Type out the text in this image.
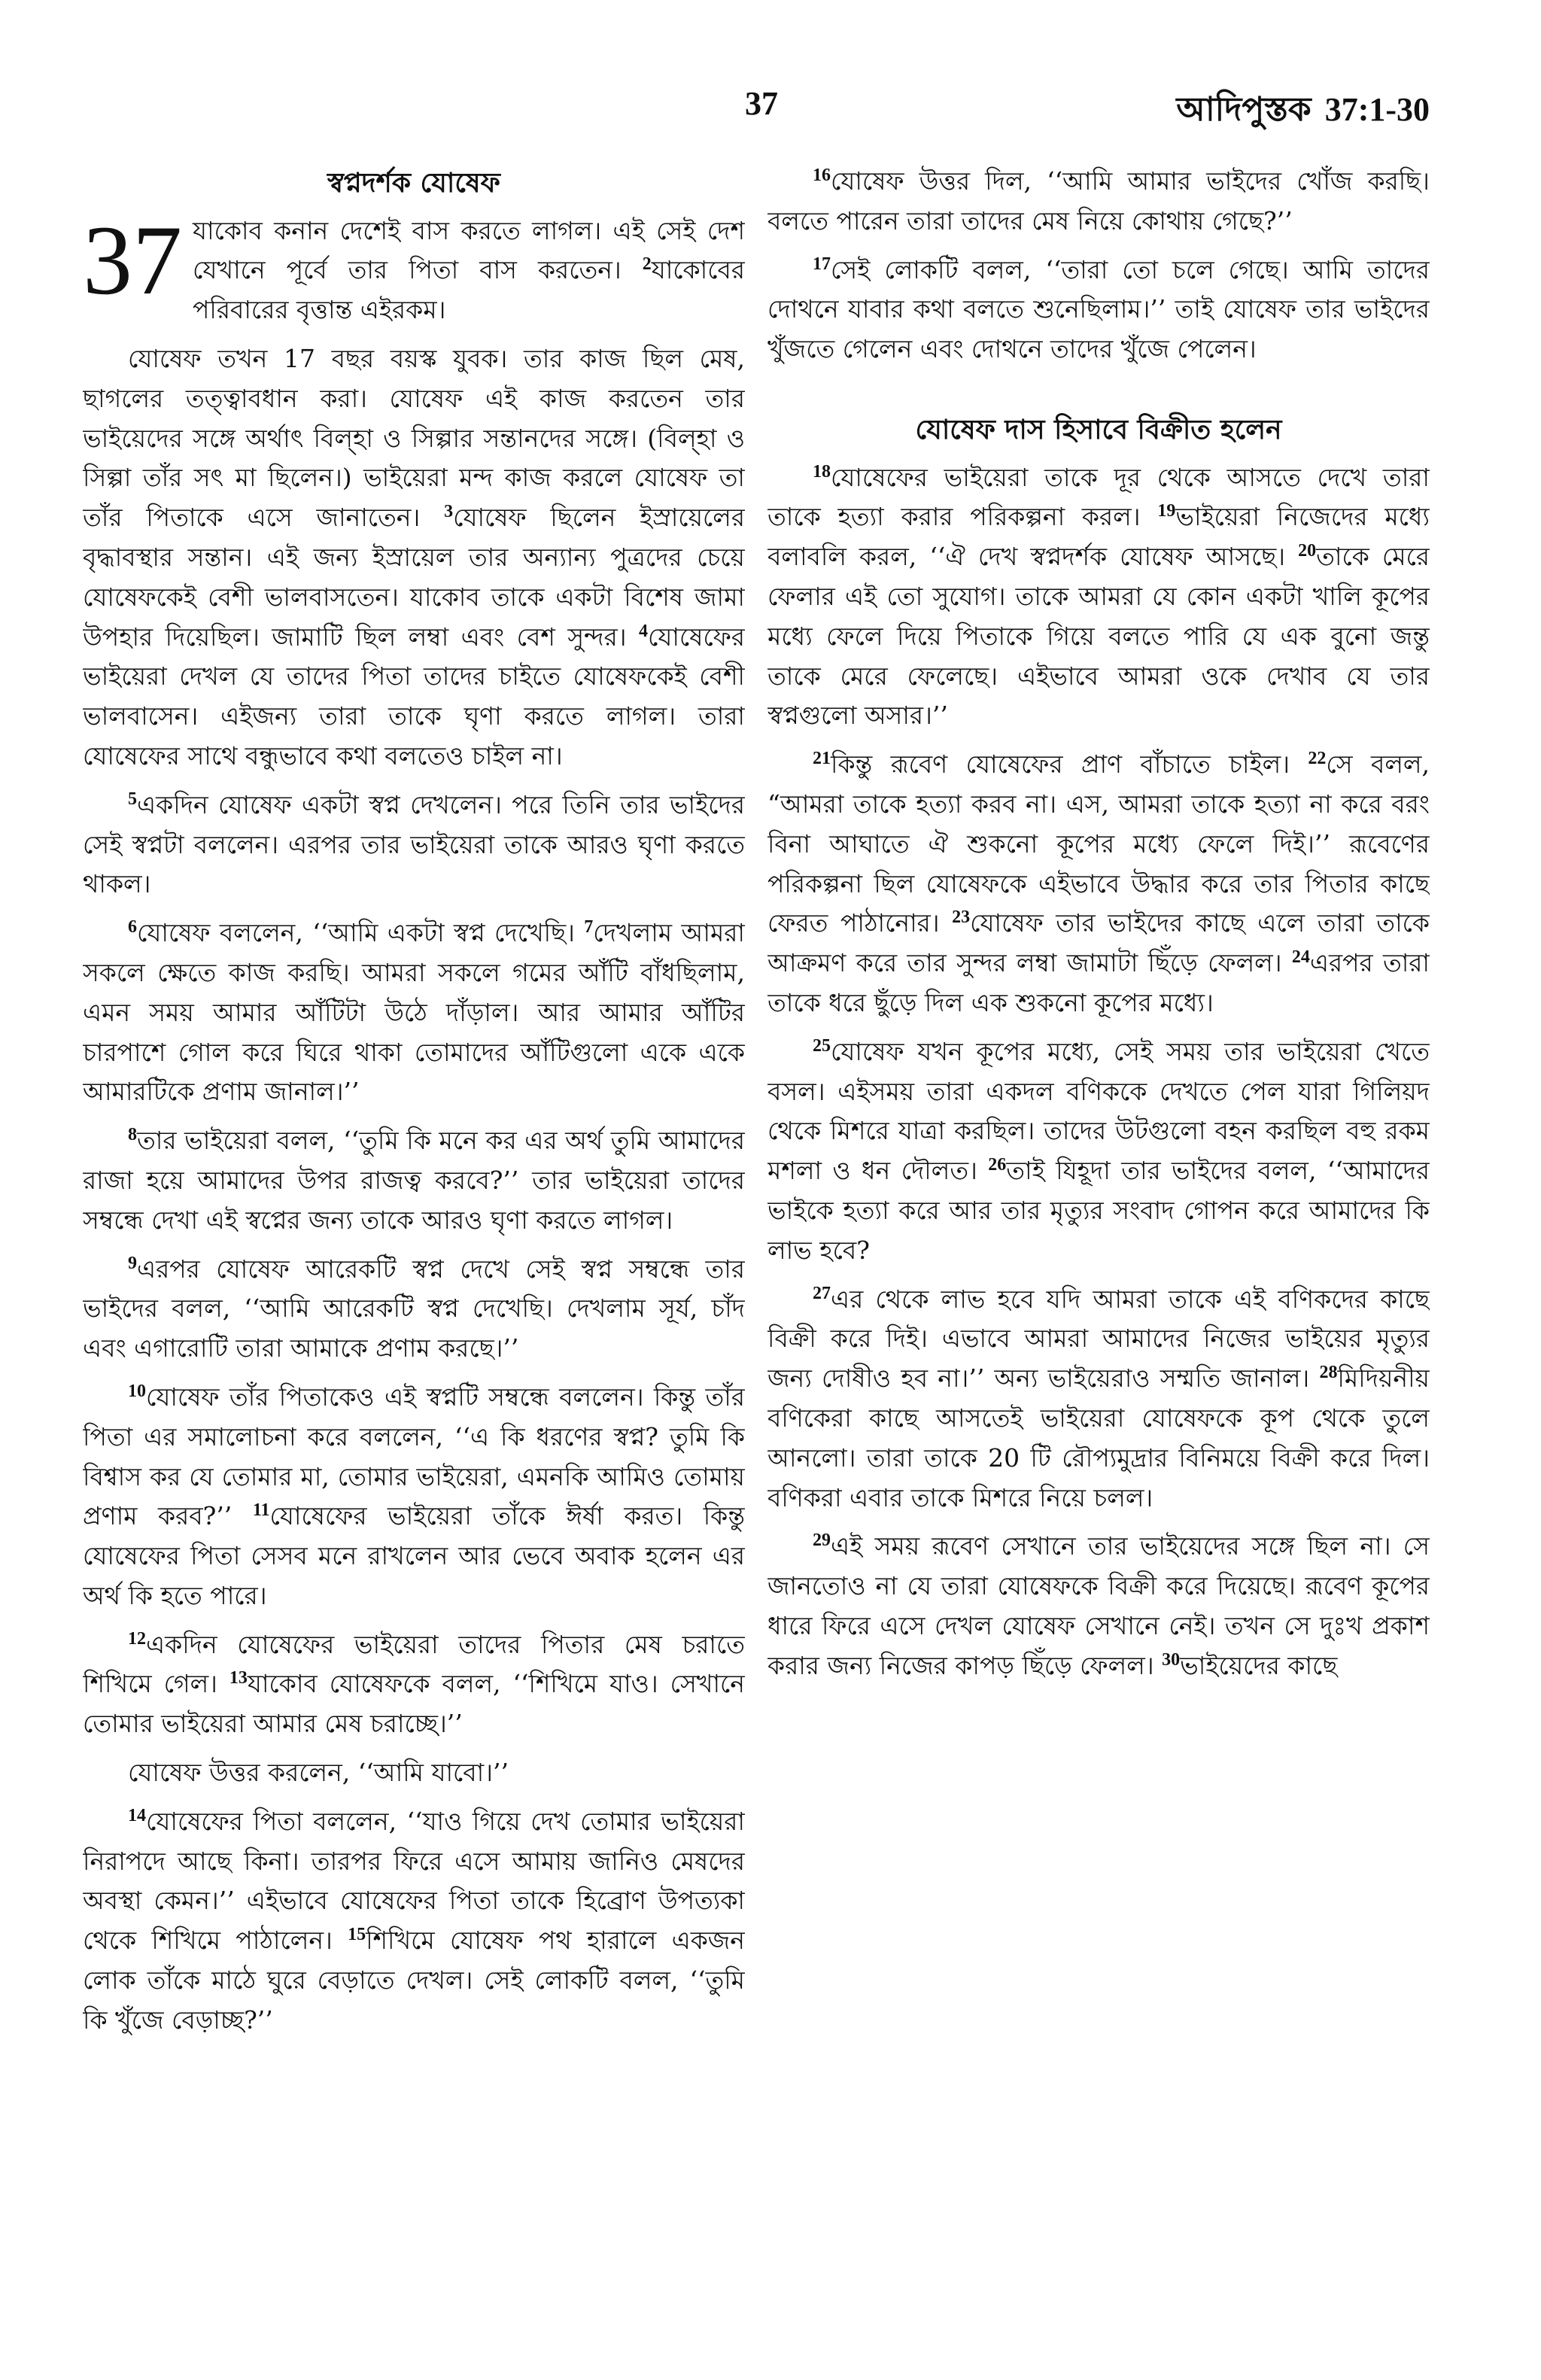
37	আদিপুস্তক 37:1-30
স্বপ্নদর্শক যোষেফ

37 যাকোব কনান দেশেই বাস করতে লাগল। এই সেই দেশ যেখানে পূর্বে তার পিতা বাস করতেন। $^2$যাকোবের পরিবারের বৃত্তান্ত এইরকম।

যোষেফ তখন 17 বছর বয়স্ক যুবক। তার কাজ ছিল মেষ, ছাগলের তত্ত্বাবধান করা। যোষেফ এই কাজ করতেন তার ভাইয়েদের সঙ্গে অর্থাৎ বিল্‌হা ও সিল্পার সন্তানদের সঙ্গে। (বিল্‌হা ও সিল্পা তাঁর সৎ মা ছিলেন।) ভাইয়েরা মন্দ কাজ করলে যোষেফ তা তাঁর পিতাকে এসে জানাতেন। $^3$যোষেফ ছিলেন ইস্রায়েলের বৃদ্ধাবস্থার সন্তান। এই জন্য ইস্রায়েল তার অন্যান্য পুত্রদের চেয়ে যোষেফকেই বেশী ভালবাসতেন। যাকোব তাকে একটা বিশেষ জামা উপহার দিয়েছিল। জামাটি ছিল লম্বা এবং বেশ সুন্দর। $^4$যোষেফের ভাইয়েরা দেখল যে তাদের পিতা তাদের চাইতে যোষেফকেই বেশী ভালবাসেন। এইজন্য তারা তাকে ঘৃণা করতে লাগল। তারা যোষেফের সাথে বন্ধুভাবে কথা বলতেও চাইল না।

$^5$একদিন যোষেফ একটা স্বপ্ন দেখলেন। পরে তিনি তার ভাইদের সেই স্বপ্নটা বললেন। এরপর তার ভাইয়েরা তাকে আরও ঘৃণা করতে থাকল।

$^6$যোষেফ বললেন, ‘‘আমি একটা স্বপ্ন দেখেছি। $^7$দেখলাম আমরা সকলে ক্ষেতে কাজ করছি। আমরা সকলে গমের আঁটি বাঁধছিলাম, এমন সময় আমার আঁটিটা উঠে দাঁড়াল। আর আমার আঁটির চারপাশে গোল করে ঘিরে থাকা তোমাদের আঁটিগুলো একে একে আমারটিকে প্রণাম জানাল।’’

$^8$তার ভাইয়েরা বলল, ‘‘তুমি কি মনে কর এর অর্থ তুমি আমাদের রাজা হয়ে আমাদের উপর রাজত্ব করবে?’’ তার ভাইয়েরা তাদের সম্বন্ধে দেখা এই স্বপ্নের জন্য তাকে আরও ঘৃণা করতে লাগল।

$^9$এরপর যোষেফ আরেকটি স্বপ্ন দেখে সেই স্বপ্ন সম্বন্ধে তার ভাইদের বলল, ‘‘আমি আরেকটি স্বপ্ন দেখেছি। দেখলাম সূর্য, চাঁদ এবং এগারোটি তারা আমাকে প্রণাম করছে।’’

$^{10}$যোষেফ তাঁর পিতাকেও এই স্বপ্নটি সম্বন্ধে বললেন। কিন্তু তাঁর পিতা এর সমালোচনা করে বললেন, ‘‘এ কি ধরণের স্বপ্ন? তুমি কি বিশ্বাস কর যে তোমার মা, তোমার ভাইয়েরা, এমনকি আমিও তোমায় প্রণাম করব?’’ $^{11}$যোষেফের ভাইয়েরা তাঁকে ঈর্ষা করত। কিন্তু যোষেফের পিতা সেসব মনে রাখলেন আর ভেবে অবাক হলেন এর অর্থ কি হতে পারে।

$^{12}$একদিন যোষেফের ভাইয়েরা তাদের পিতার মেষ চরাতে শিখিমে গেল। $^{13}$যাকোব যোষেফকে বলল, ‘‘শিখিমে যাও। সেখানে তোমার ভাইয়েরা আমার মেষ চরাচ্ছে।’’

যোষেফ উত্তর করলেন, ‘‘আমি যাবো।’’

$^{14}$যোষেফের পিতা বললেন, ‘‘যাও গিয়ে দেখ তোমার ভাইয়েরা নিরাপদে আছে কিনা। তারপর ফিরে এসে আমায় জানিও মেষদের অবস্থা কেমন।’’ এইভাবে যোষেফের পিতা তাকে হিব্রোণ উপত্যকা থেকে শিখিমে পাঠালেন। $^{15}$শিখিমে যোষেফ পথ হারালে একজন লোক তাঁকে মাঠে ঘুরে বেড়াতে দেখল। সেই লোকটি বলল, ‘‘তুমি কি খুঁজে বেড়াচ্ছ?’’

$^{16}$যোষেফ উত্তর দিল, ‘‘আমি আমার ভাইদের খোঁজ করছি। বলতে পারেন তারা তাদের মেষ নিয়ে কোথায় গেছে?’’

$^{17}$সেই লোকটি বলল, ‘‘তারা তো চলে গেছে। আমি তাদের দোথনে যাবার কথা বলতে শুনেছিলাম।’’ তাই যোষেফ তার ভাইদের খুঁজতে গেলেন এবং দোথনে তাদের খুঁজে পেলেন।

যোষেফ দাস হিসাবে বিক্রীত হলেন

$^{18}$যোষেফের ভাইয়েরা তাকে দূর থেকে আসতে দেখে তারা তাকে হত্যা করার পরিকল্পনা করল। $^{19}$ভাইয়েরা নিজেদের মধ্যে বলাবলি করল, ‘‘ঐ দেখ স্বপ্নদর্শক যোষেফ আসছে। $^{20}$তাকে মেরে ফেলার এই তো সুযোগ। তাকে আমরা যে কোন একটা খালি কূপের মধ্যে ফেলে দিয়ে পিতাকে গিয়ে বলতে পারি যে এক বুনো জন্তু তাকে মেরে ফেলেছে। এইভাবে আমরা ওকে দেখাব যে তার স্বপ্নগুলো অসার।’’

$^{21}$কিন্তু রূবেণ যোষেফের প্রাণ বাঁচাতে চাইল। $^{22}$সে বলল, “আমরা তাকে হত্যা করব না। এস, আমরা তাকে হত্যা না করে বরং বিনা আঘাতে ঐ শুকনো কূপের মধ্যে ফেলে দিই।’’ রূবেণের পরিকল্পনা ছিল যোষেফকে এইভাবে উদ্ধার করে তার পিতার কাছে ফেরত পাঠানোর। $^{23}$যোষেফ তার ভাইদের কাছে এলে তারা তাকে আক্রমণ করে তার সুন্দর লম্বা জামাটা ছিঁড়ে ফেলল। $^{24}$এরপর তারা তাকে ধরে ছুঁড়ে দিল এক শুকনো কূপের মধ্যে।

$^{25}$যোষেফ যখন কূপের মধ্যে, সেই সময় তার ভাইয়েরা খেতে বসল। এইসময় তারা একদল বণিককে দেখতে পেল যারা গিলিয়দ থেকে মিশরে যাত্রা করছিল। তাদের উটগুলো বহন করছিল বহু রকম মশলা ও ধন দৌলত। $^{26}$তাই যিহূদা তার ভাইদের বলল, ‘‘আমাদের ভাইকে হত্যা করে আর তার মৃত্যুর সংবাদ গোপন করে আমাদের কি লাভ হবে?

$^{27}$এর থেকে লাভ হবে যদি আমরা তাকে এই বণিকদের কাছে বিক্রী করে দিই। এভাবে আমরা আমাদের নিজের ভাইয়ের মৃত্যুর জন্য দোষীও হব না।’’ অন্য ভাইয়েরাও সম্মতি জানাল। $^{28}$মিদিয়নীয় বণিকেরা কাছে আসতেই ভাইয়েরা যোষেফকে কূপ থেকে তুলে আনলো। তারা তাকে 20 টি রৌপ্যমুদ্রার বিনিময়ে বিক্রী করে দিল। বণিকরা এবার তাকে মিশরে নিয়ে চলল।

$^{29}$এই সময় রূবেণ সেখানে তার ভাইয়েদের সঙ্গে ছিল না। সে জানতোও না যে তারা যোষেফকে বিক্রী করে দিয়েছে। রূবেণ কূপের ধারে ফিরে এসে দেখল যোষেফ সেখানে নেই। তখন সে দুঃখ প্রকাশ করার জন্য নিজের কাপড় ছিঁড়ে ফেলল। $^{30}$ভাইয়েদের কাছে
